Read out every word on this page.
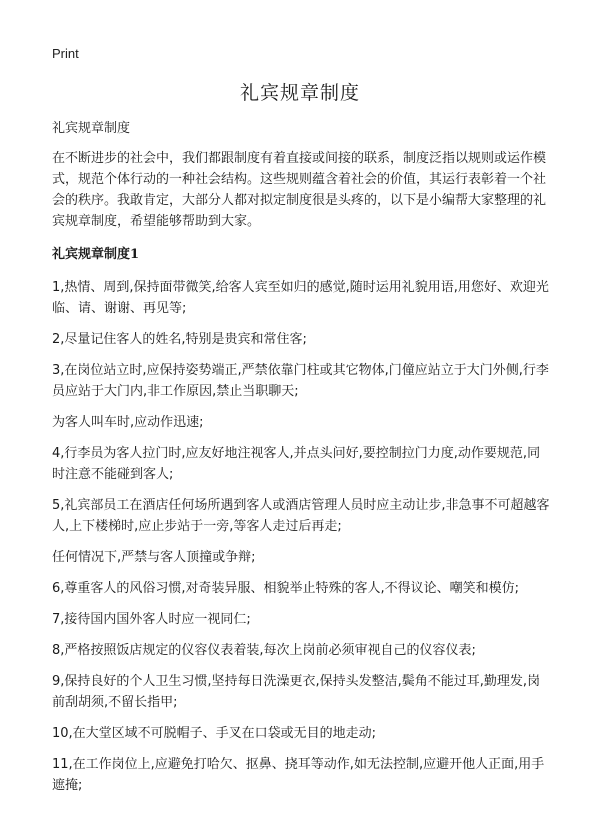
Print
礼宾规章制度

礼宾规章制度

在不断进步的社会中，我们都跟制度有着直接或间接的联系，制度泛指以规则或运作模式，规范个体行动的一种社会结构。这些规则蕴含着社会的价值，其运行表彰着一个社会的秩序。我敢肯定，大部分人都对拟定制度很是头疼的，以下是小编帮大家整理的礼宾规章制度，希望能够帮助到大家。

礼宾规章制度1

1,热情、周到,保持面带微笑,给客人宾至如归的感觉,随时运用礼貌用语,用您好、欢迎光临、请、谢谢、再见等;

2,尽量记住客人的姓名,特别是贵宾和常住客;

3,在岗位站立时,应保持姿势端正,严禁依靠门柱或其它物体,门僮应站立于大门外侧,行李员应站于大门内,非工作原因,禁止当职聊天;

为客人叫车时,应动作迅速;

4,行李员为客人拉门时,应友好地注视客人,并点头问好,要控制拉门力度,动作要规范,同时注意不能碰到客人;

5,礼宾部员工在酒店任何场所遇到客人或酒店管理人员时应主动让步,非急事不可超越客人,上下楼梯时,应止步站于一旁,等客人走过后再走;

任何情况下,严禁与客人顶撞或争辩;

6,尊重客人的风俗习惯,对奇装异服、相貌举止特殊的客人,不得议论、嘲笑和模仿;

7,接待国内国外客人时应一视同仁;

8,严格按照饭店规定的仪容仪表着装,每次上岗前必须审视自己的仪容仪表;

9,保持良好的个人卫生习惯,坚持每日洗澡更衣,保持头发整洁,鬓角不能过耳,勤理发,岗前刮胡须,不留长指甲;

10,在大堂区域不可脱帽子、手叉在口袋或无目的地走动;

11,在工作岗位上,应避免打哈欠、抠鼻、挠耳等动作,如无法控制,应避开他人正面,用手遮掩;
